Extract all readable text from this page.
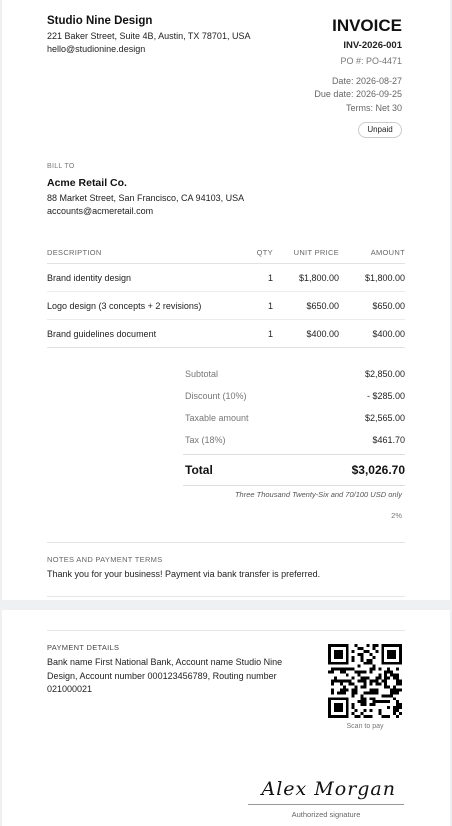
Studio Nine Design
221 Baker Street, Suite 4B, Austin, TX 78701, USA
hello@studionine.design
INVOICE
INV-2026-001
PO #: PO-4471
Date: 2026-08-27
Due date: 2026-09-25
Terms: Net 30
Unpaid
BILL TO
Acme Retail Co.
88 Market Street, San Francisco, CA 94103, USA
accounts@acmeretail.com
DESCRIPTION	QTY	UNIT PRICE	AMOUNT
Brand identity design	1	$1,800.00	$1,800.00
Logo design (3 concepts + 2 revisions)	1	$650.00	$650.00
Brand guidelines document	1	$400.00	$400.00
Subtotal	$2,850.00
Discount (10%)	- $285.00
Taxable amount	$2,565.00
Tax (18%)	$461.70
Total	$3,026.70
Three Thousand Twenty-Six and 70/100 USD only
2%
NOTES AND PAYMENT TERMS
Thank you for your business! Payment via bank transfer is preferred.
PAYMENT DETAILS
Bank name First National Bank, Account name Studio Nine Design, Account number 000123456789, Routing number 021000021
Scan to pay
Alex Morgan
Authorized signature
